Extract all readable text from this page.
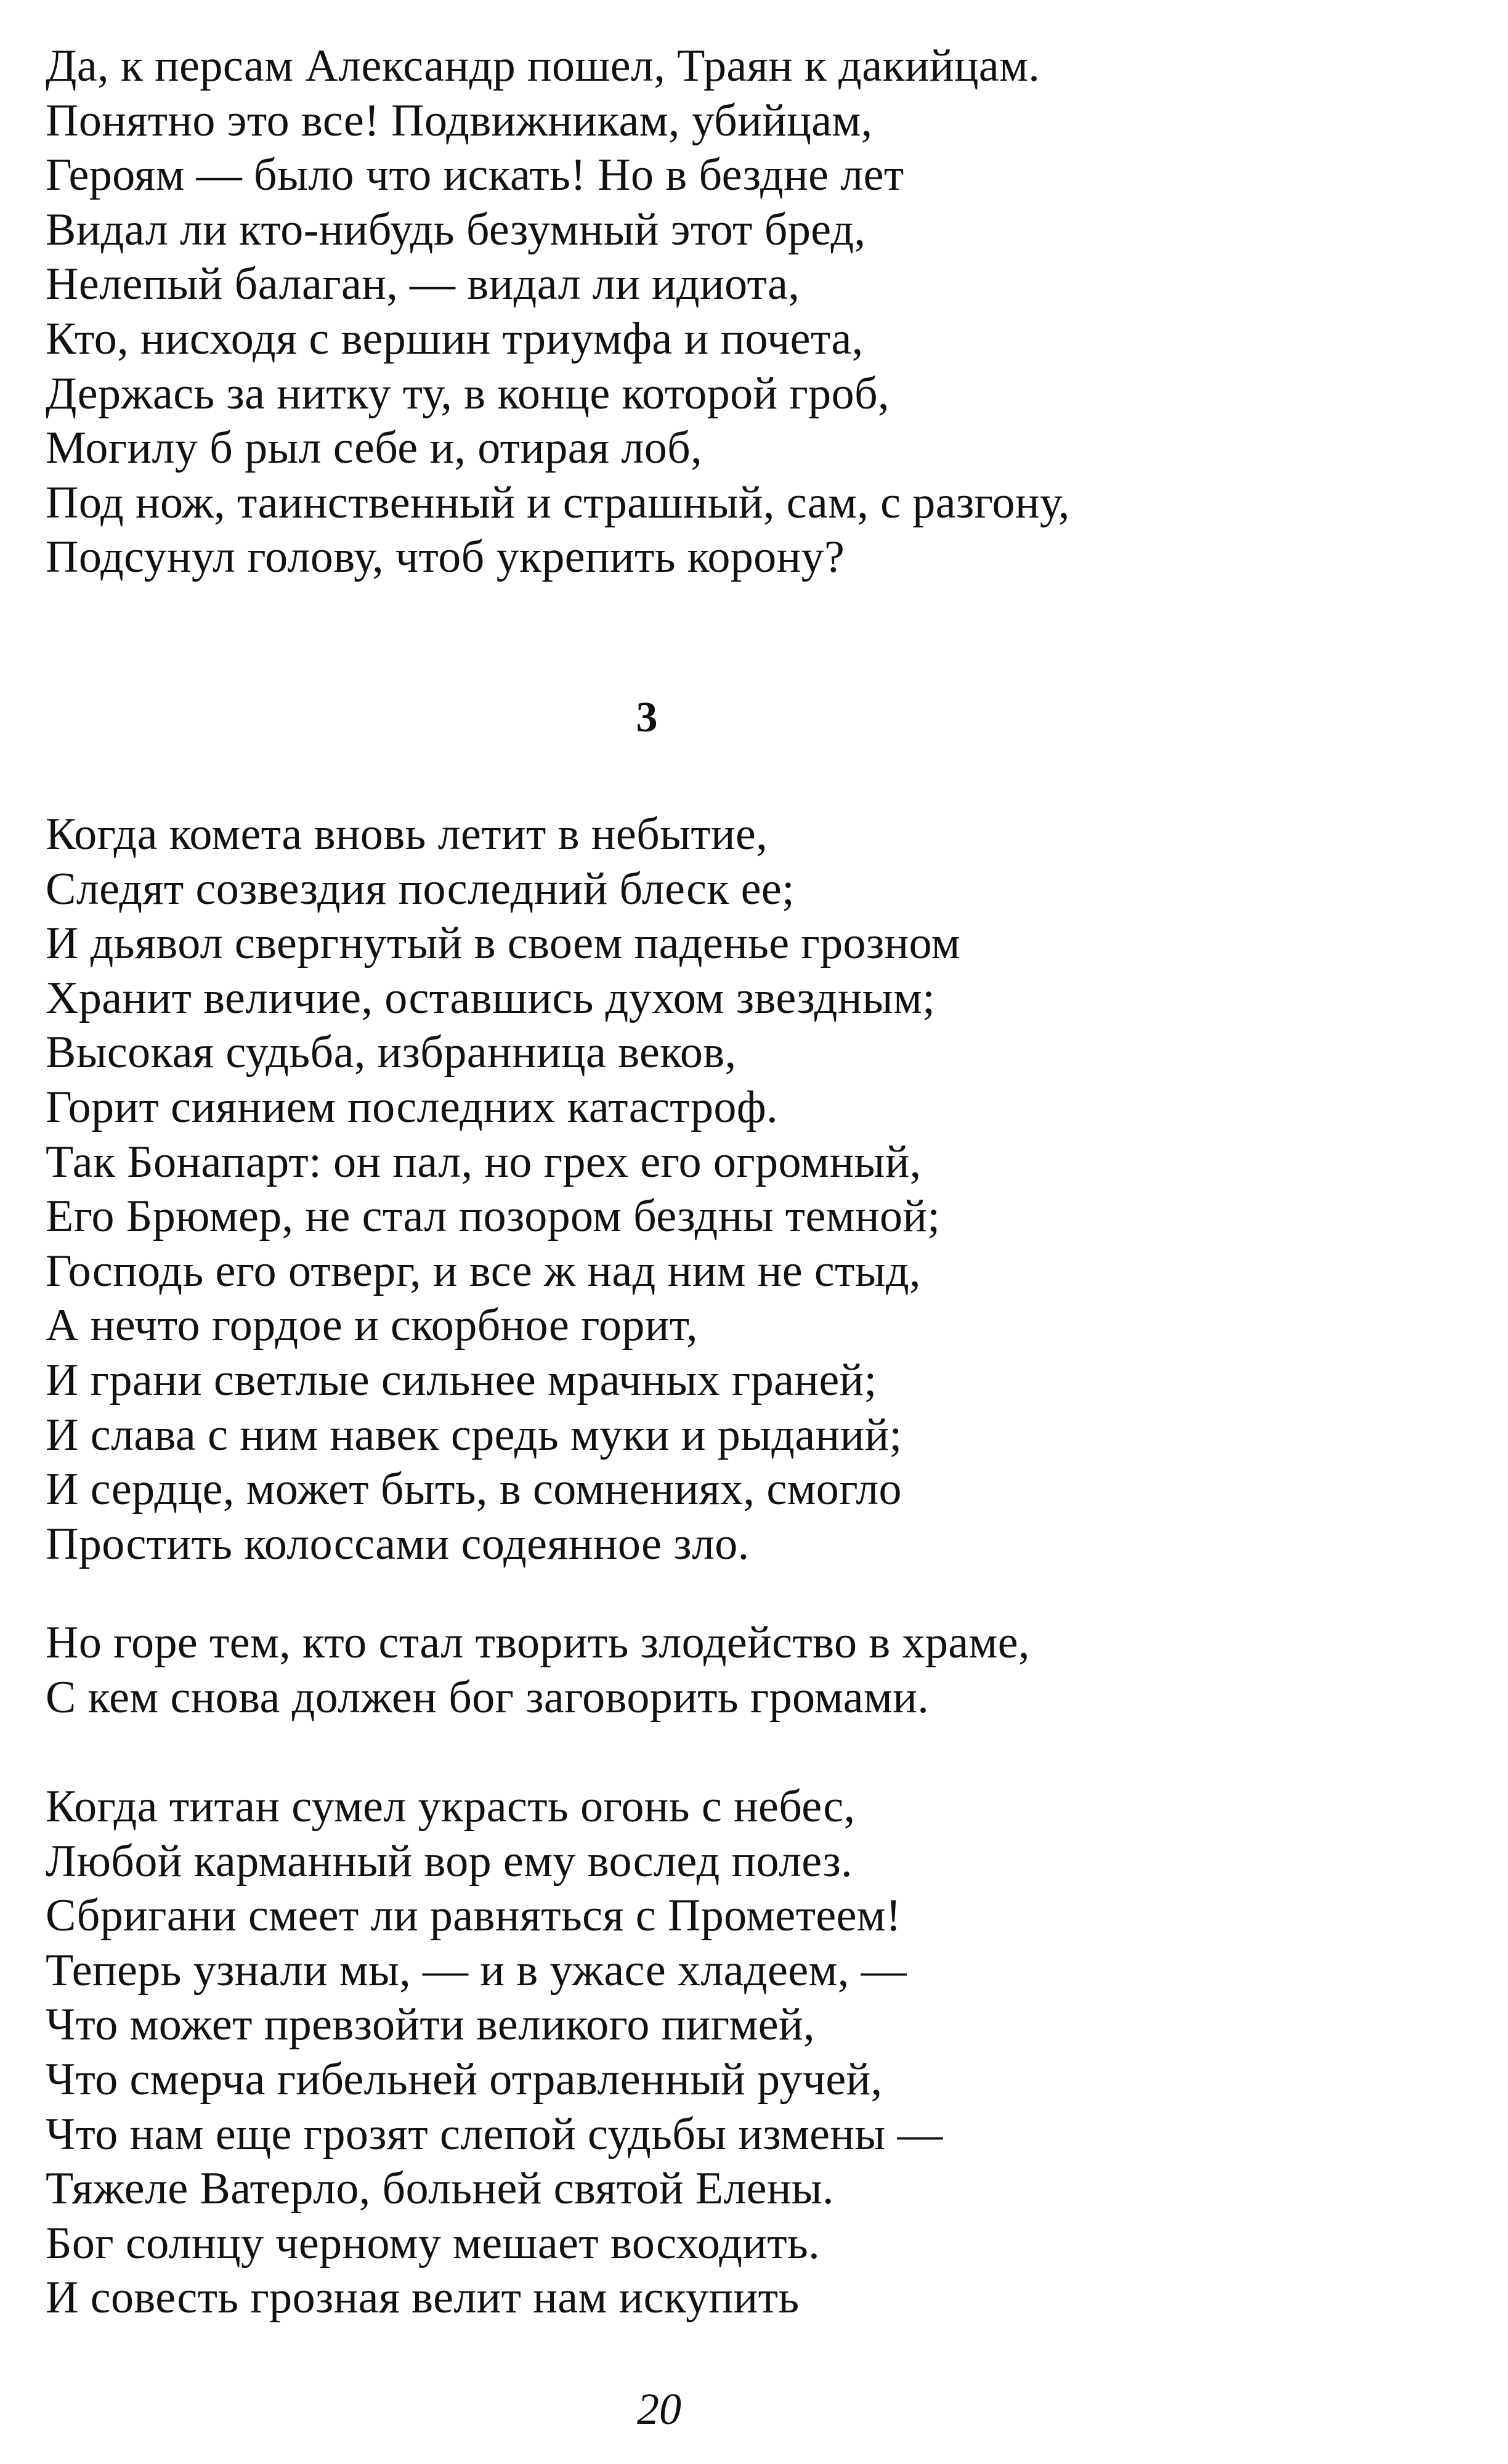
Да, к персам Александр пошел, Траян к дакийцам.
Понятно это все! Подвижникам, убийцам,
Героям — было что искать! Но в бездне лет
Видал ли кто-нибудь безумный этот бред,
Нелепый балаган, — видал ли идиота,
Кто, нисходя с вершин триумфа и почета,
Держась за нитку ту, в конце которой гроб,
Могилу б рыл себе и, отирая лоб,
Под нож, таинственный и страшный, сам, с разгону,
Подсунул голову, чтоб укрепить корону?
3
Когда комета вновь летит в небытие,
Следят созвездия последний блеск ее;
И дьявол свергнутый в своем паденье грозном
Хранит величие, оставшись духом звездным;
Высокая судьба, избранница веков,
Горит сиянием последних катастроф.
Так Бонапарт: он пал, но грех его огромный,
Его Брюмер, не стал позором бездны темной;
Господь его отверг, и все ж над ним не стыд,
А нечто гордое и скорбное горит,
И грани светлые сильнее мрачных граней;
И слава с ним навек средь муки и рыданий;
И сердце, может быть, в сомнениях, смогло
Простить колоссами содеянное зло.
Но горе тем, кто стал творить злодейство в храме,
С кем снова должен бог заговорить громами.
Когда титан сумел украсть огонь с небес,
Любой карманный вор ему вослед полез.
Сбригани смеет ли равняться с Прометеем!
Теперь узнали мы, — и в ужасе хладеем, —
Что может превзойти великого пигмей,
Что смерча гибельней отравленный ручей,
Что нам еще грозят слепой судьбы измены —
Тяжеле Ватерло, больней святой Елены.
Бог солнцу черному мешает восходить.
И совесть грозная велит нам искупить
20
